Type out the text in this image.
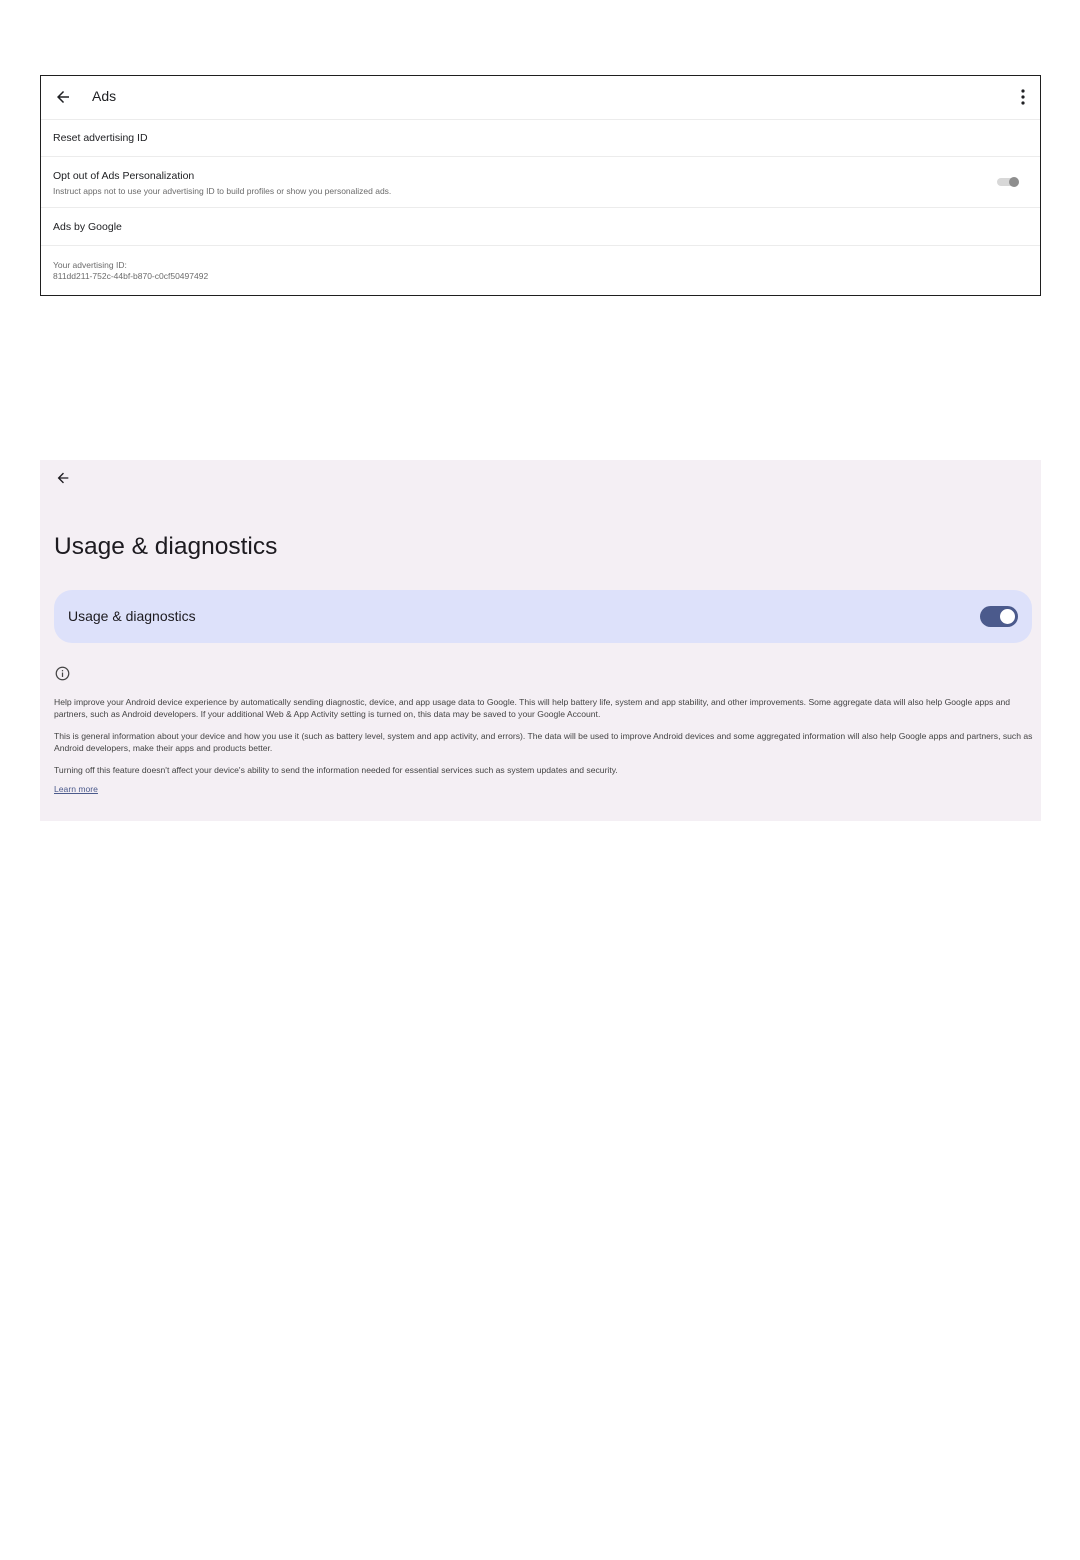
Ads
Reset advertising ID
Opt out of Ads Personalization
Instruct apps not to use your advertising ID to build profiles or show you personalized ads.
Ads by Google
Your advertising ID:
811dd211-752c-44bf-b870-c0cf50497492
Usage & diagnostics
Usage & diagnostics
Help improve your Android device experience by automatically sending diagnostic, device, and app usage data to Google. This will help battery life, system and app stability, and other improvements. Some aggregate data will also help Google apps and partners, such as Android developers. If your additional Web & App Activity setting is turned on, this data may be saved to your Google Account.
This is general information about your device and how you use it (such as battery level, system and app activity, and errors). The data will be used to improve Android devices and some aggregated information will also help Google apps and partners, such as Android developers, make their apps and products better.
Turning off this feature doesn't affect your device's ability to send the information needed for essential services such as system updates and security.
Learn more
